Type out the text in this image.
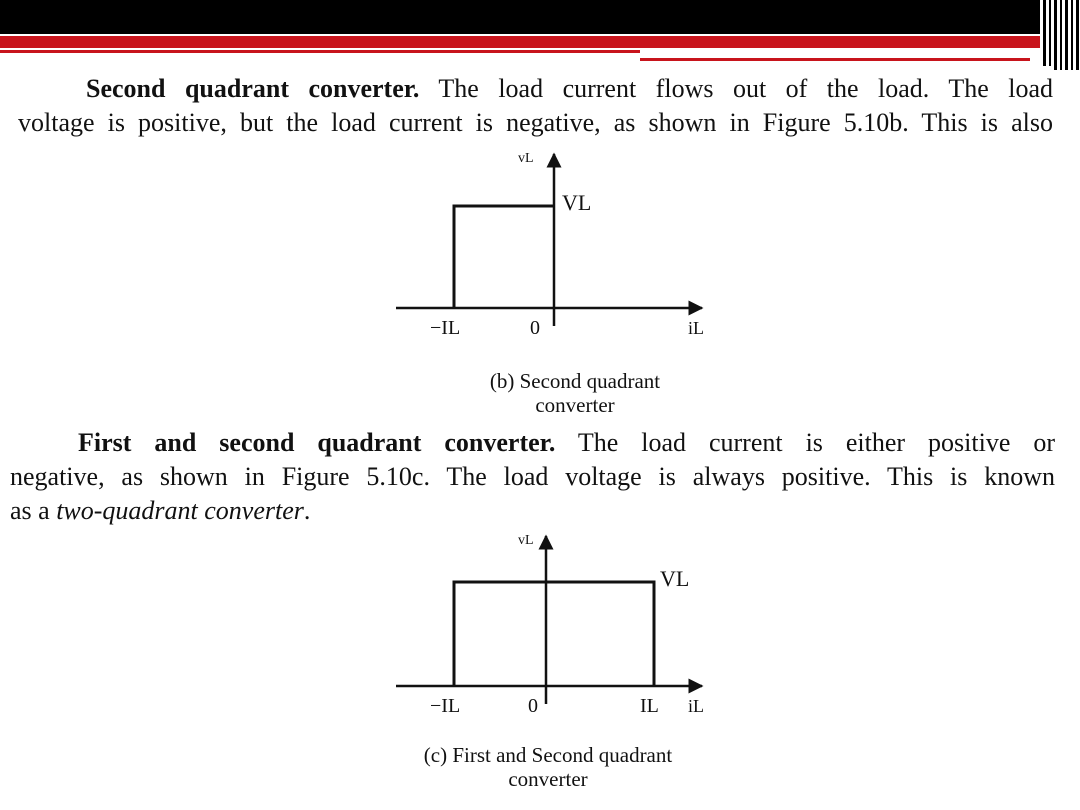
Second quadrant converter. The load current flows out of the load. The load
voltage is positive, but the load current is negative, as shown in Figure 5.10b. This is also

vL
VL
−IL	0	iL
(b) Second quadrant
converter

First and second quadrant converter. The load current is either positive or
negative, as shown in Figure 5.10c. The load voltage is always positive. This is known
as a two-quadrant converter.

vL
VL
−IL	0	IL iL
(c) First and Second quadrant
converter
